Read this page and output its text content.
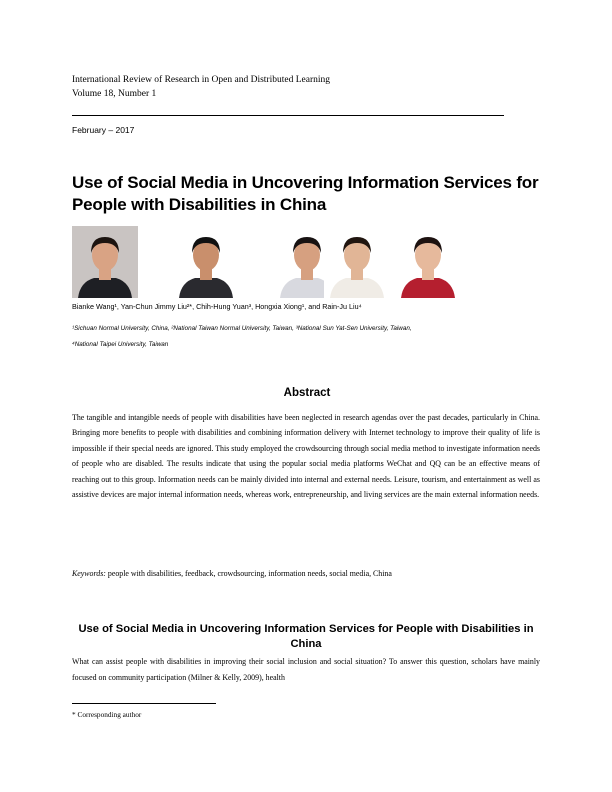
International Review of Research in Open and Distributed Learning
Volume 18, Number 1
February – 2017
Use of Social Media in Uncovering Information Services for People with Disabilities in China
Bianke Wang¹, Yan-Chun Jimmy Liu²*, Chih-Hung Yuan³, Hongxia Xiong¹, and Rain-Ju Liu⁴
¹Sichuan Normal University, China, ²National Taiwan Normal University, Taiwan, ³National Sun Yat-Sen University, Taiwan,
⁴National Taipei University, Taiwan
Abstract
The tangible and intangible needs of people with disabilities have been neglected in research agendas over the past decades, particularly in China. Bringing more benefits to people with disabilities and combining information delivery with Internet technology to improve their quality of life is impossible if their special needs are ignored. This study employed the crowdsourcing through social media method to investigate information needs of people who are disabled. The results indicate that using the popular social media platforms WeChat and QQ can be an effective means of reaching out to this group. Information needs can be mainly divided into internal and external needs. Leisure, tourism, and entertainment as well as assistive devices are major internal information needs, whereas work, entrepreneurship, and living services are the main external information needs.
Keywords: people with disabilities, feedback, crowdsourcing, information needs, social media, China
Use of Social Media in Uncovering Information Services for People with Disabilities in China
What can assist people with disabilities in improving their social inclusion and social situation? To answer this question, scholars have mainly focused on community participation (Milner & Kelly, 2009), health
* Corresponding author
